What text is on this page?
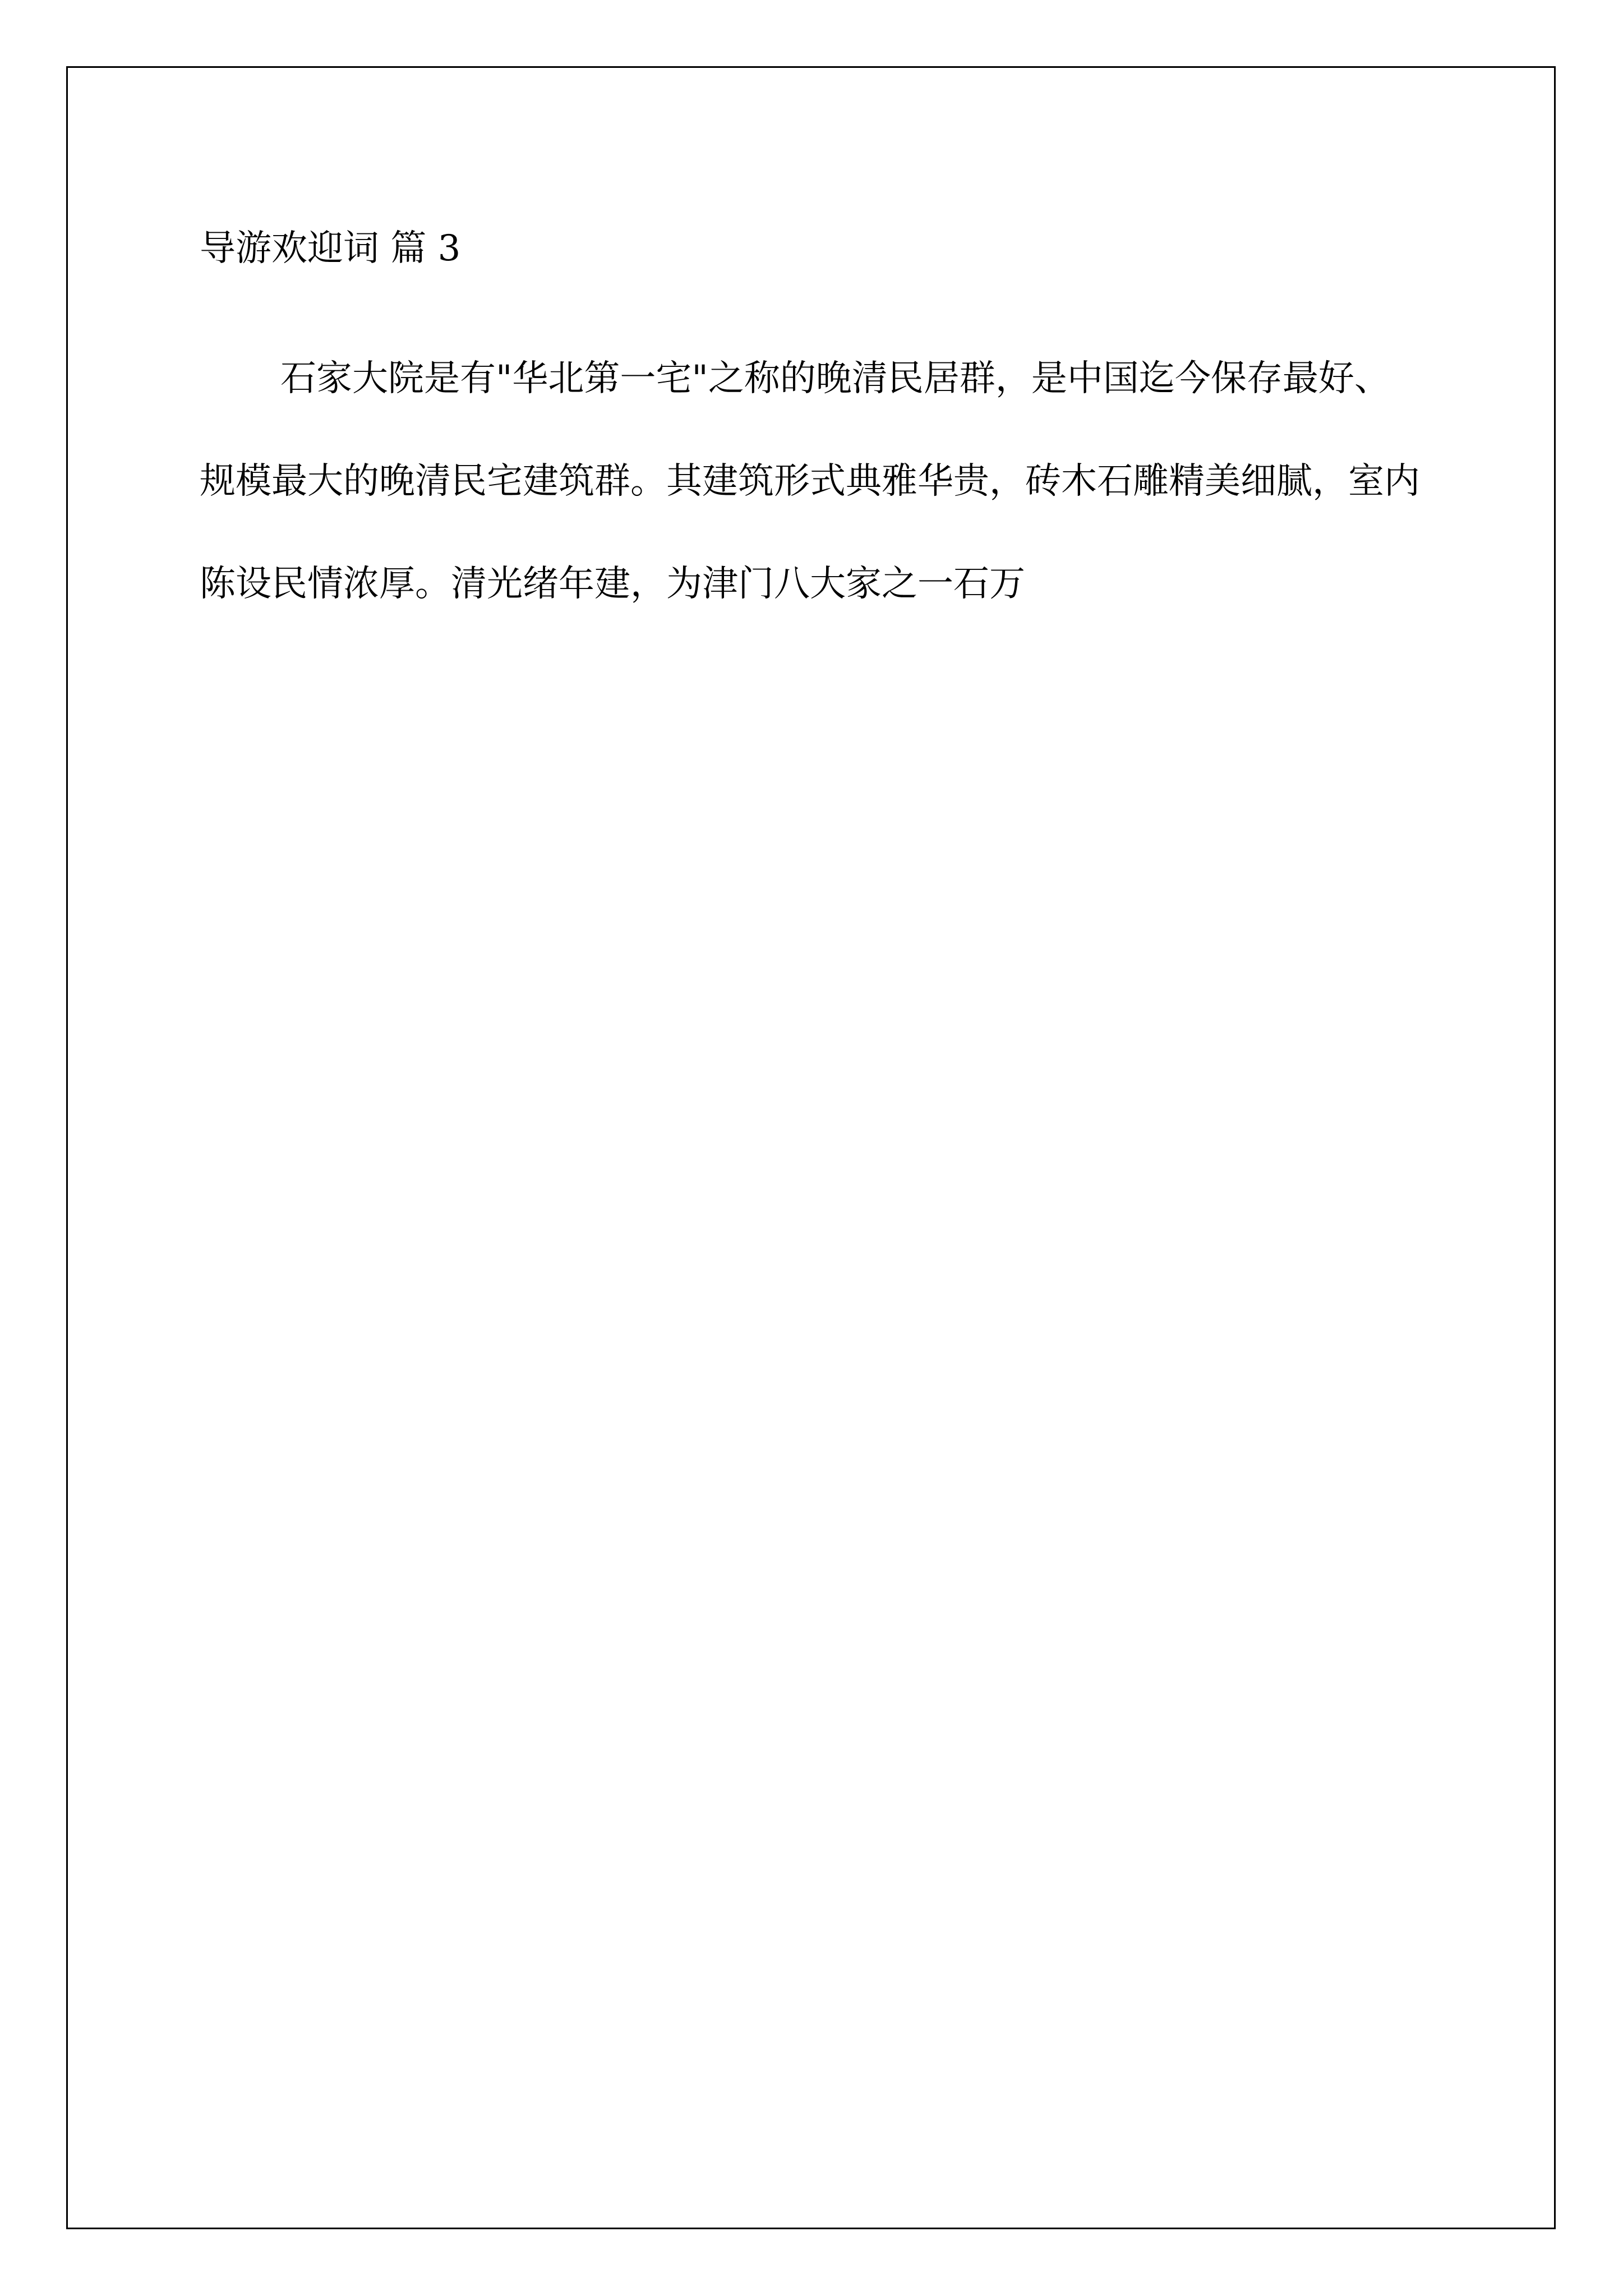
导游欢迎词 篇 3
石家大院是有"华北第一宅"之称的晚清民居群，是中国迄今保存最好、规模最大的晚清民宅建筑群。其建筑形式典雅华贵，砖木石雕精美细腻，室内陈设民情浓厚。清光绪年建，为津门八大家之一石万
